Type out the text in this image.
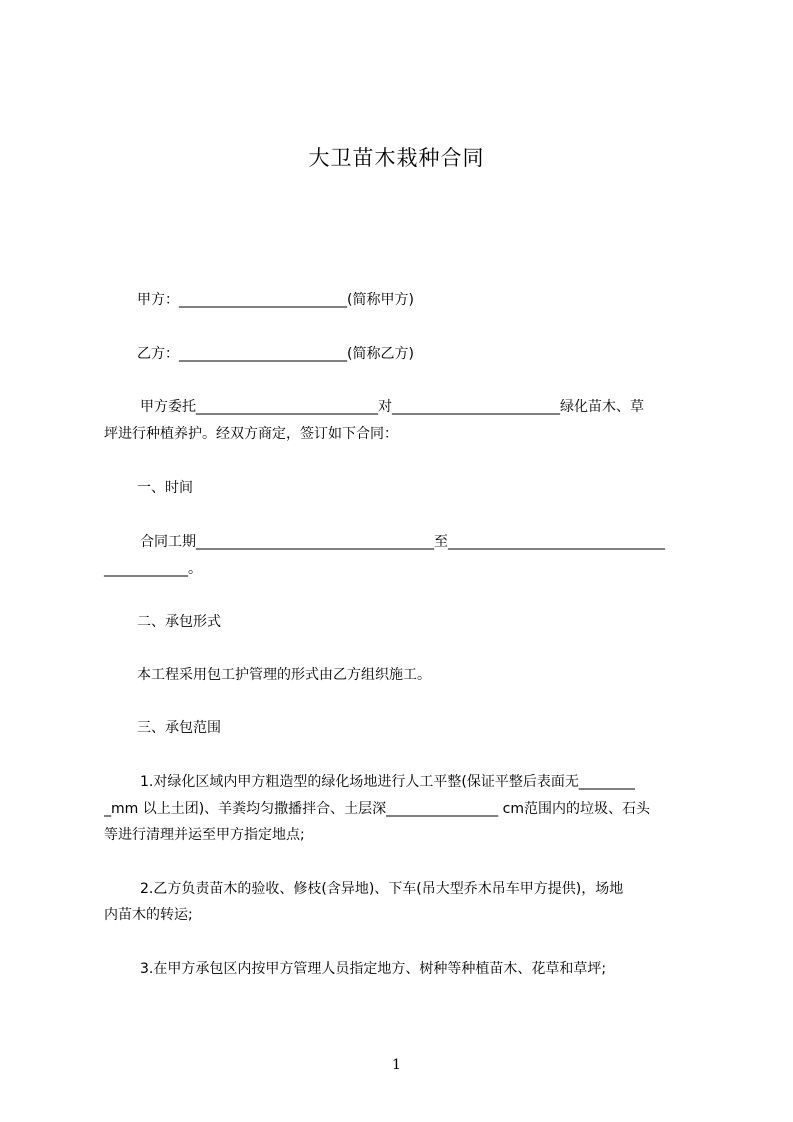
大卫苗木栽种合同
甲方：________________________(简称甲方)
乙方：________________________(简称乙方)
甲方委托__________________________对________________________绿化苗木、草
坪进行种植养护。经双方商定，签订如下合同：
一、时间
合同工期__________________________________至_______________________________
____________。
二、承包形式
本工程采用包工护管理的形式由乙方组织施工。
三、承包范围
1.对绿化区域内甲方粗造型的绿化场地进行人工平整(保证平整后表面无________
_mm 以上土团)、羊粪均匀撒播拌合、土层深________________ cm范围内的垃圾、石头
等进行清理并运至甲方指定地点;
2.乙方负责苗木的验收、修枝(含异地)、下车(吊大型乔木吊车甲方提供)，场地
内苗木的转运;
3.在甲方承包区内按甲方管理人员指定地方、树种等种植苗木、花草和草坪;
1
